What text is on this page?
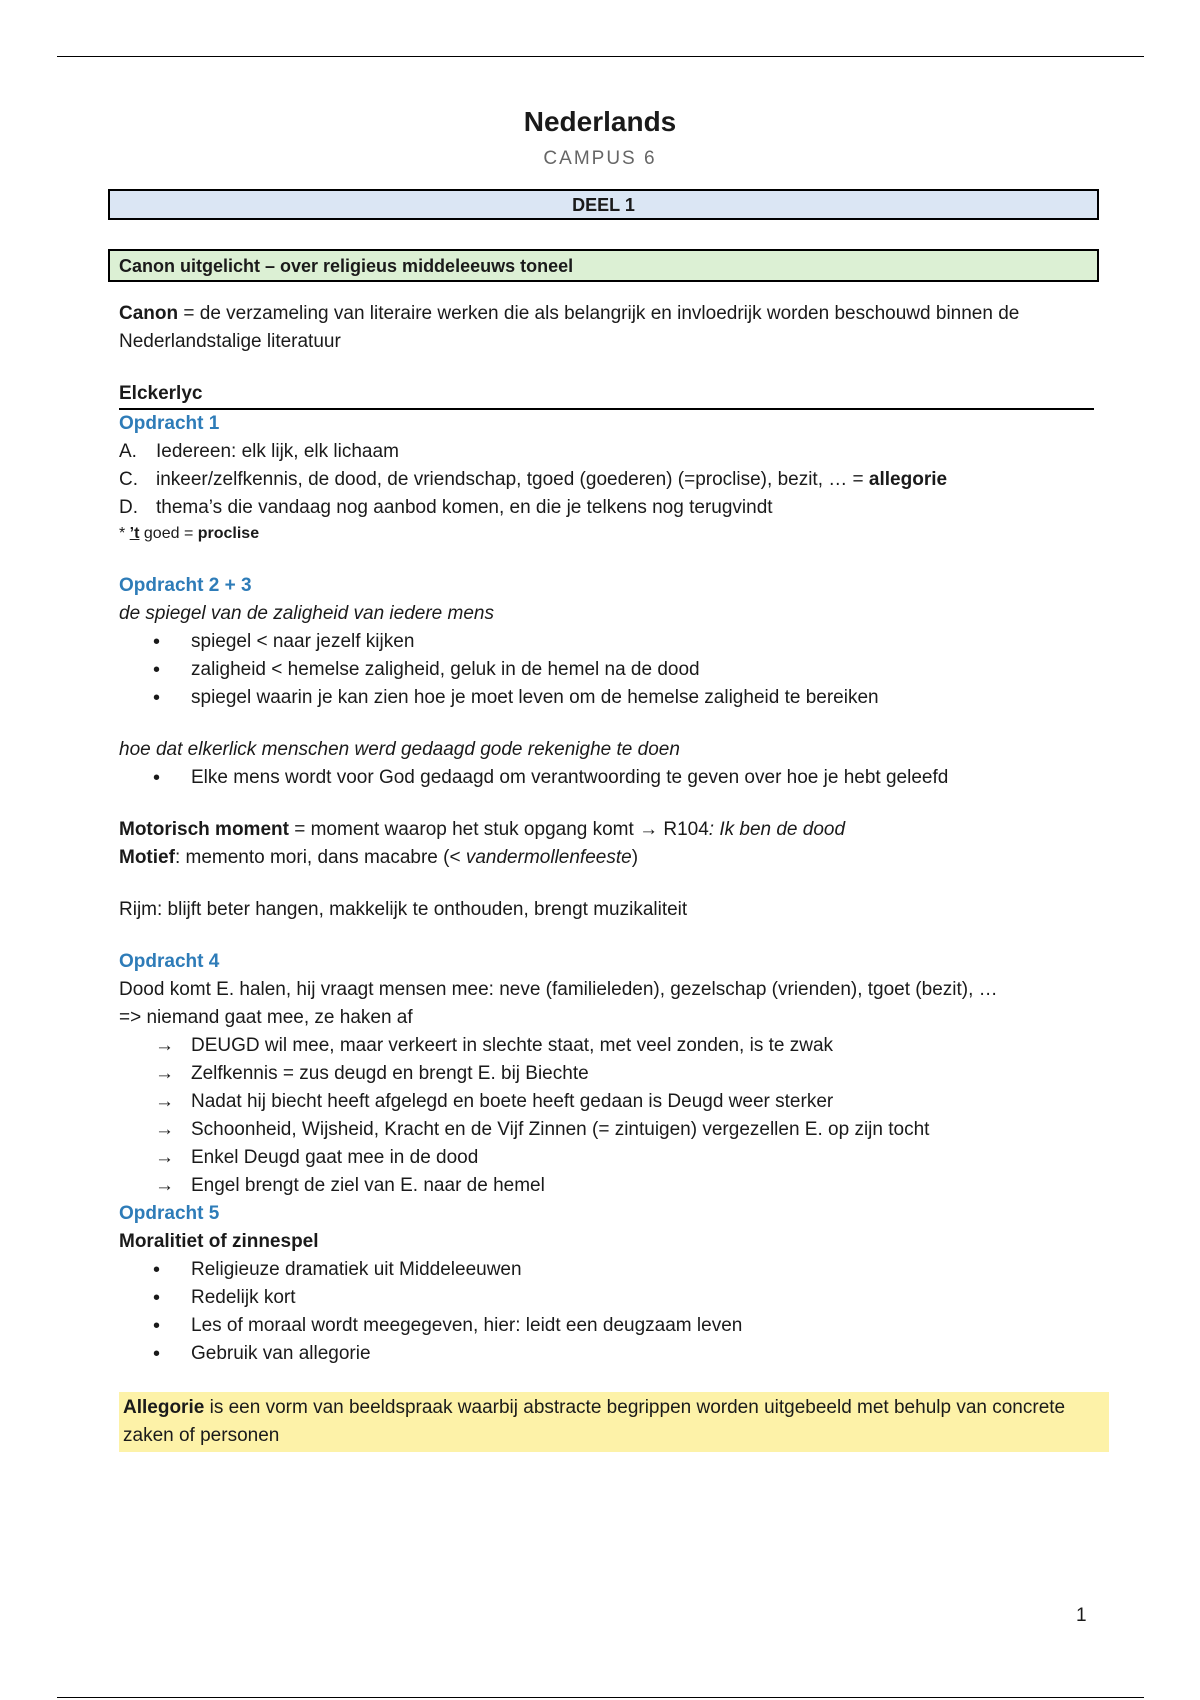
Nederlands
CAMPUS 6
DEEL 1
Canon uitgelicht – over religieus middeleeuws toneel

Canon = de verzameling van literaire werken die als belangrijk en invloedrijk worden beschouwd binnen de Nederlandstalige literatuur

Elckerlyc

Opdracht 1

A.	Iedereen: elk lijk, elk lichaam
C. inkeer/zelfkennis, de dood, de vriendschap, tgoed (goederen) (=proclise), bezit, … = allegorie
D. thema’s die vandaag nog aanbod komen, en die je telkens nog terugvindt

* ’t goed = proclise

Opdracht 2 + 3

de spiegel van de zaligheid van iedere mens

• spiegel < naar jezelf kijken
• zaligheid < hemelse zaligheid, geluk in de hemel na de dood
• spiegel waarin je kan zien hoe je moet leven om de hemelse zaligheid te bereiken

hoe dat elkerlick menschen werd gedaagd gode rekenighe te doen

• Elke mens wordt voor God gedaagd om verantwoording te geven over hoe je hebt geleefd

Motorisch moment = moment waarop het stuk opgang komt → R104: Ik ben de dood

Motief: memento mori, dans macabre (< vandermollenfeeste)

Rijm: blijft beter hangen, makkelijk te onthouden, brengt muzikaliteit

Opdracht 4

Dood komt E. halen, hij vraagt mensen mee: neve (familieleden), gezelschap (vrienden), tgoet (bezit), …

=> niemand gaat mee, ze haken af

→ DEUGD wil mee, maar verkeert in slechte staat, met veel zonden, is te zwak
→ Zelfkennis = zus deugd en brengt E. bij Biechte
→ Nadat hij biecht heeft afgelegd en boete heeft gedaan is Deugd weer sterker
→ Schoonheid, Wijsheid, Kracht en de Vijf Zinnen (= zintuigen) vergezellen E. op zijn tocht
→ Enkel Deugd gaat mee in de dood
→ Engel brengt de ziel van E. naar de hemel

Opdracht 5

Moralitiet of zinnespel

• Religieuze dramatiek uit Middeleeuwen
• Redelijk kort
• Les of moraal wordt meegegeven, hier: leidt een deugzaam leven
• Gebruik van allegorie

Allegorie is een vorm van beeldspraak waarbij abstracte begrippen worden uitgebeeld met behulp van concrete zaken of personen

1
